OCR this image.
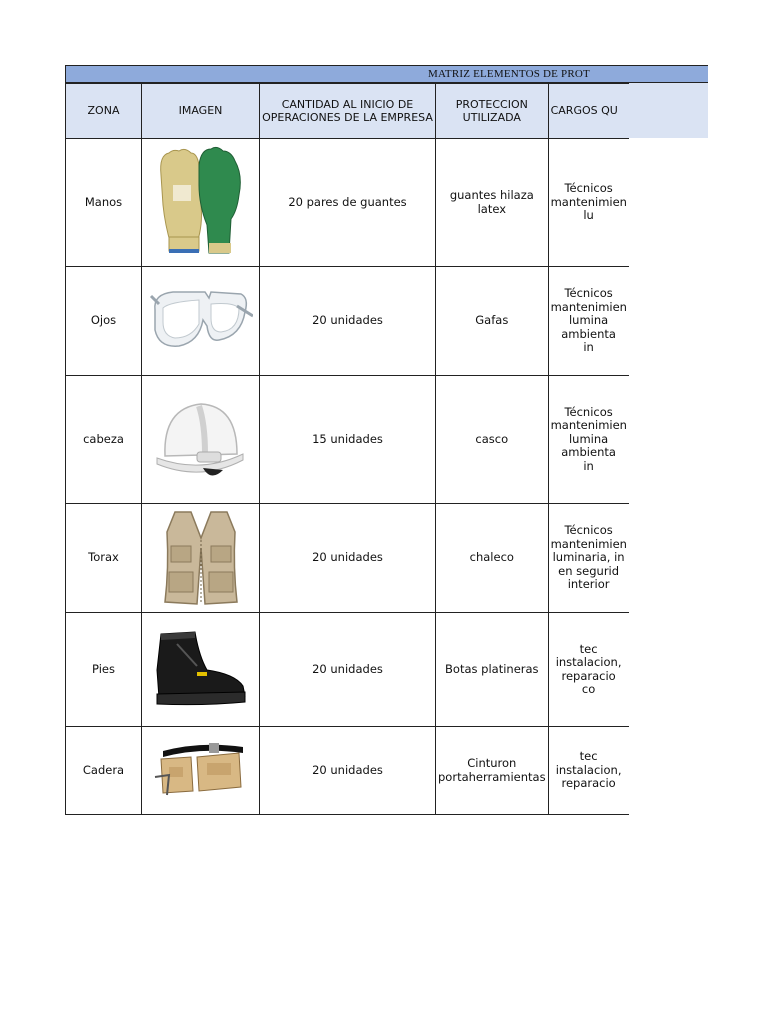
MATRIZ ELEMENTOS DE PROT
ZONA	IMAGEN	CANTIDAD AL INICIO DE OPERACIONES DE LA EMPRESA	PROTECCION UTILIZADA	CARGOS QU
Manos		20 pares de guantes	guantes hilaza latex	Técnicos
mantenimien
lu

Ojos		20 unidades	Gafas	Técnicos
mantenimien
lumina
ambienta
in

cabeza		15 unidades	casco	Técnicos
mantenimien
lumina
ambienta
in

Torax		20 unidades	chaleco	Técnicos
mantenimien
luminaria, in
en segurid
interior

Pies		20 unidades	Botas platineras	tec
instalacion,
reparacio
co

Cadera		20 unidades	Cinturon portaherramientas	tec
instalacion,
reparacio
